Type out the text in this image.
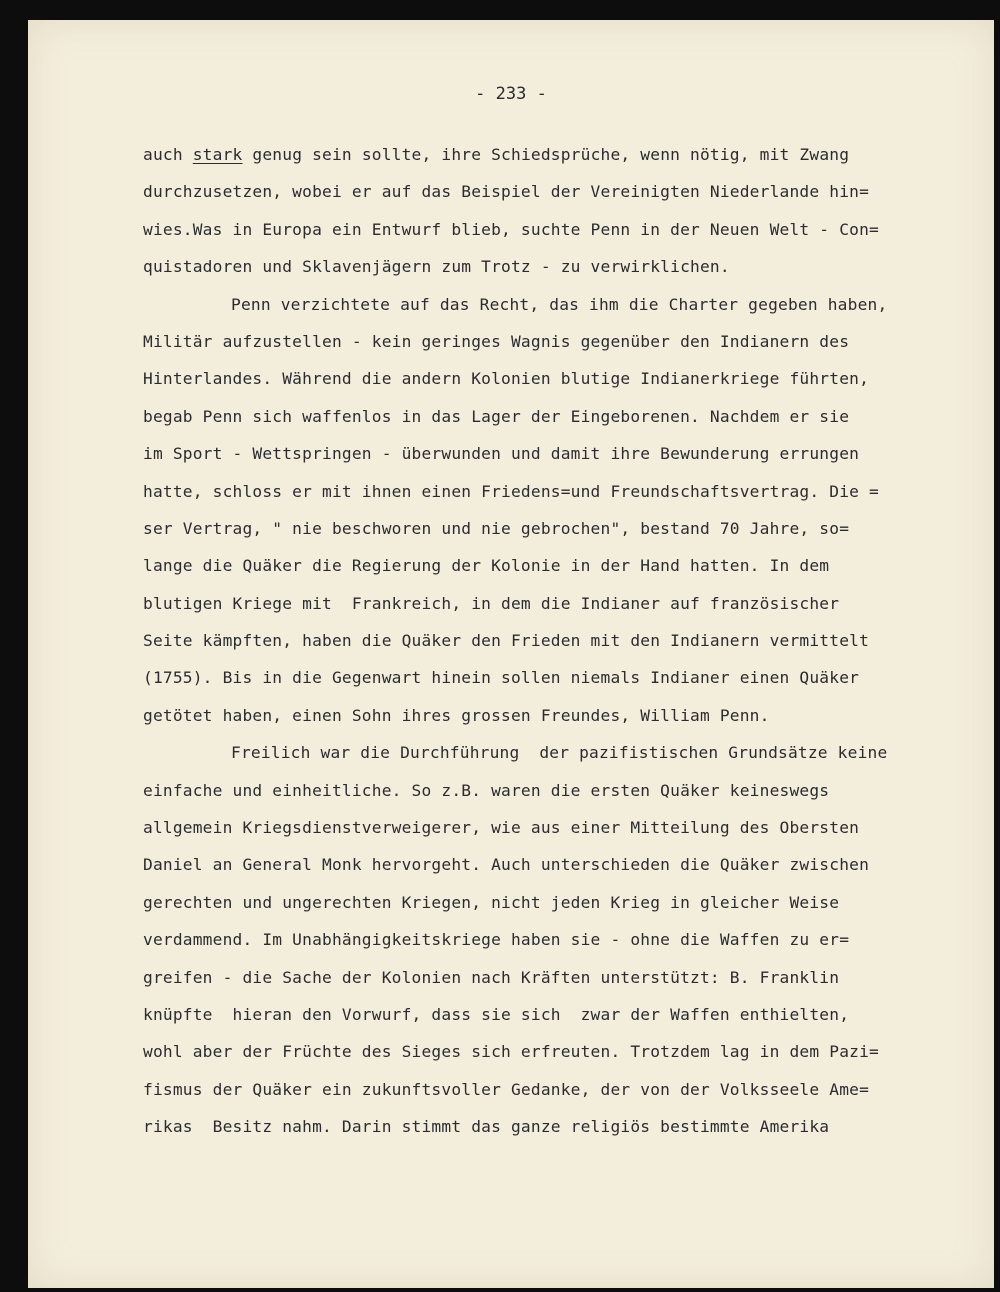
- 233 -
auch stark genug sein sollte, ihre Schiedsprüche, wenn nötig, mit Zwang
durchzusetzen, wobei er auf das Beispiel der Vereinigten Niederlande hin=
wies.Was in Europa ein Entwurf blieb, suchte Penn in der Neuen Welt - Con=
quistadoren und Sklavenjägern zum Trotz - zu verwirklichen.
Penn verzichtete auf das Recht, das ihm die Charter gegeben haben,
Militär aufzustellen - kein geringes Wagnis gegenüber den Indianern des
Hinterlandes. Während die andern Kolonien blutige Indianerkriege führten,
begab Penn sich waffenlos in das Lager der Eingeborenen. Nachdem er sie
im Sport - Wettspringen - überwunden und damit ihre Bewunderung errungen
hatte, schloss er mit ihnen einen Friedens=und Freundschaftsvertrag. Die =
ser Vertrag, " nie beschworen und nie gebrochen", bestand 70 Jahre, so=
lange die Quäker die Regierung der Kolonie in der Hand hatten. In dem
blutigen Kriege mit  Frankreich, in dem die Indianer auf französischer
Seite kämpften, haben die Quäker den Frieden mit den Indianern vermittelt
(1755). Bis in die Gegenwart hinein sollen niemals Indianer einen Quäker
getötet haben, einen Sohn ihres grossen Freundes, William Penn.
Freilich war die Durchführung  der pazifistischen Grundsätze keine
einfache und einheitliche. So z.B. waren die ersten Quäker keineswegs
allgemein Kriegsdienstverweigerer, wie aus einer Mitteilung des Obersten
Daniel an General Monk hervorgeht. Auch unterschieden die Quäker zwischen
gerechten und ungerechten Kriegen, nicht jeden Krieg in gleicher Weise
verdammend. Im Unabhängigkeitskriege haben sie - ohne die Waffen zu er=
greifen - die Sache der Kolonien nach Kräften unterstützt: B. Franklin
knüpfte  hieran den Vorwurf, dass sie sich  zwar der Waffen enthielten,
wohl aber der Früchte des Sieges sich erfreuten. Trotzdem lag in dem Pazi=
fismus der Quäker ein zukunftsvoller Gedanke, der von der Volksseele Ame=
rikas  Besitz nahm. Darin stimmt das ganze religiös bestimmte Amerika
